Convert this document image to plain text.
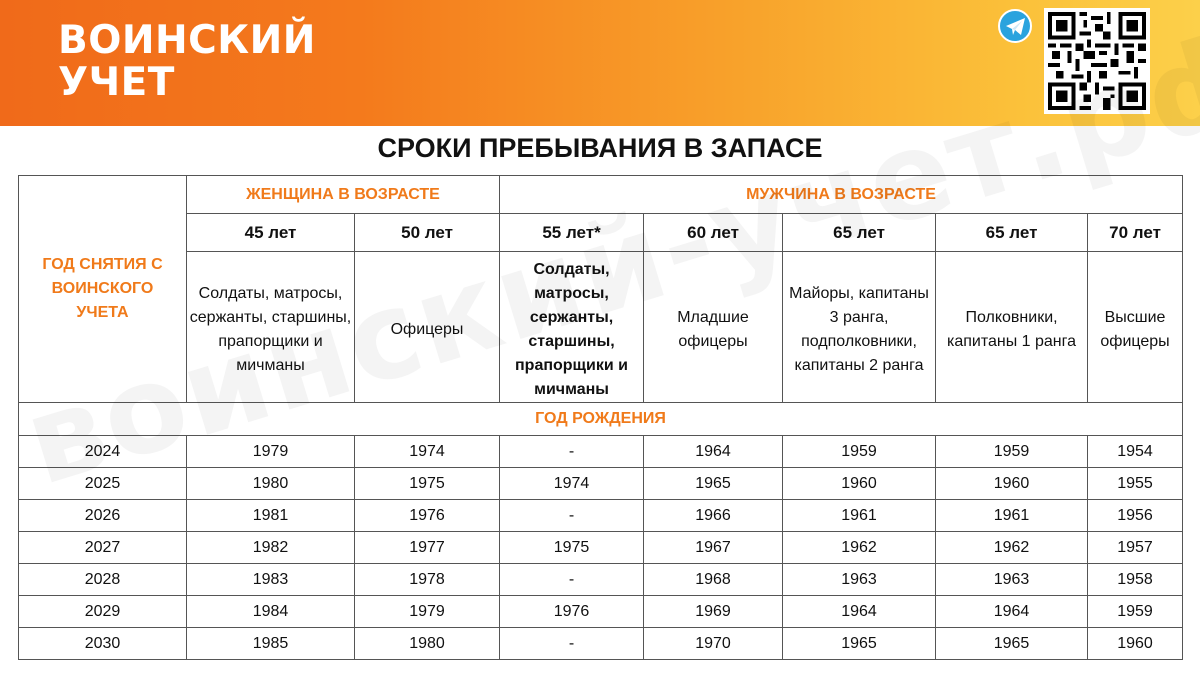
ВОИНСКИЙ
УЧЕТ
СРОКИ ПРЕБЫВАНИЯ В ЗАПАСЕ
ГОД СНЯТИЯ С ВОИНСКОГО УЧЕТА	ЖЕНЩИНА В ВОЗРАСТЕ		МУЖЧИНА В ВОЗРАСТЕ				
	45 лет	50 лет	55 лет*	60 лет	65 лет	65 лет	70 лет
	Солдаты, матросы, сержанты, старшины, прапорщики и мичманы	Офицеры	Солдаты, матросы, сержанты, старшины, прапорщики и мичманы	Младшие офицеры	Майоры, капитаны 3 ранга, подполковники, капитаны 2 ранга	Полковники, капитаны 1 ранга	Высшие офицеры
ГОД РОЖДЕНИЯ							
2024	1979	1974	-	1964	1959	1959	1954
2025	1980	1975	1974	1965	1960	1960	1955
2026	1981	1976	-	1966	1961	1961	1956
2027	1982	1977	1975	1967	1962	1962	1957
2028	1983	1978	-	1968	1963	1963	1958
2029	1984	1979	1976	1969	1964	1964	1959
2030	1985	1980	-	1970	1965	1965	1960
